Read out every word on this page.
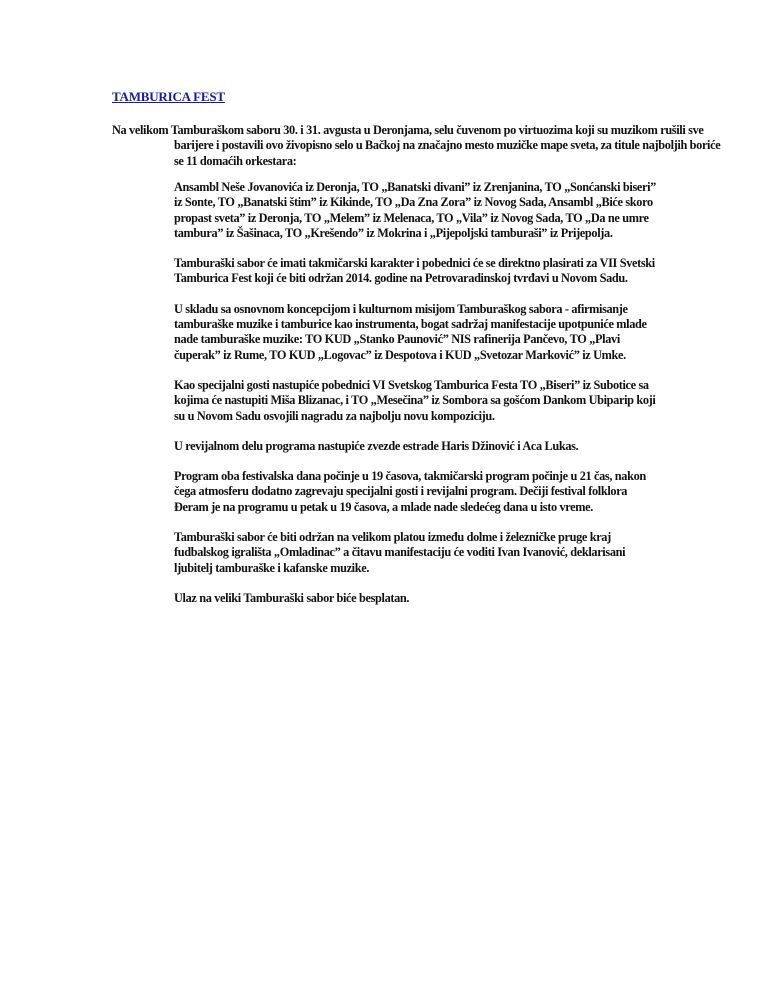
TAMBURICA FEST

Na velikom Tamburaškom saboru 30. i 31. avgusta u Deronjama, selu čuvenom po virtuozima koji su muzikom rušili sve barijere i postavili ovo živopisno selo u Bačkoj na značajno mesto muzičke mape sveta, za titule najboljih boriće se 11 domaćih orkestara:

Ansambl Neše Jovanovića iz Deronja, TO „Banatski divani” iz Zrenjanina, TO „Sonćanski biseri” iz Sonte, TO „Banatski štim” iz Kikinde, TO „Da Zna Zora” iz Novog Sada, Ansambl „Biće skoro propast sveta” iz Deronja, TO „Melem” iz Melenaca, TO „Vila” iz Novog Sada, TO „Da ne umre tambura” iz Šašinaca, TO „Krešendo” iz Mokrina i „Pijepoljski tamburaši” iz Prijepolja.

Tamburaški sabor će imati takmičarski karakter i pobednici će se direktno plasirati za VII Svetski Tamburica Fest koji će biti održan 2014. godine na Petrovaradinskoj tvrđavi u Novom Sadu.

U skladu sa osnovnom koncepcijom i kulturnom misijom Tamburaškog sabora - afirmisanje tamburaške muzike i tamburice kao instrumenta, bogat sadržaj manifestacije upotpuniće mlade nade tamburaške muzike: TO KUD „Stanko Paunović” NIS rafinerija Pančevo, TO „Plavi čuperak” iz Rume, TO KUD „Logovac” iz Despotova i KUD „Svetozar Marković” iz Umke.

Kao specijalni gosti nastupiće pobednici VI Svetskog Tamburica Festa TO „Biseri” iz Subotice sa kojima će nastupiti Miša Blizanac, i TO „Mesečina” iz Sombora sa gošćom Dankom Ubiparip koji su u Novom Sadu osvojili nagradu za najbolju novu kompoziciju.

U revijalnom delu programa nastupiće zvezde estrade Haris Džinović i Aca Lukas.

Program oba festivalska dana počinje u 19 časova, takmičarski program počinje u 21 čas, nakon čega atmosferu dodatno zagrevaju specijalni gosti i revijalni program. Dečiji festival folklora Đeram je na programu u petak u 19 časova, a mlade nade sledećeg dana u isto vreme.

Tamburaški sabor će biti održan na velikom platou između dolme i železničke pruge kraj fudbalskog igrališta „Omladinac” a čitavu manifestaciju će voditi Ivan Ivanović, deklarisani ljubitelj tamburaške i kafanske muzike.

Ulaz na veliki Tamburaški sabor biće besplatan.
